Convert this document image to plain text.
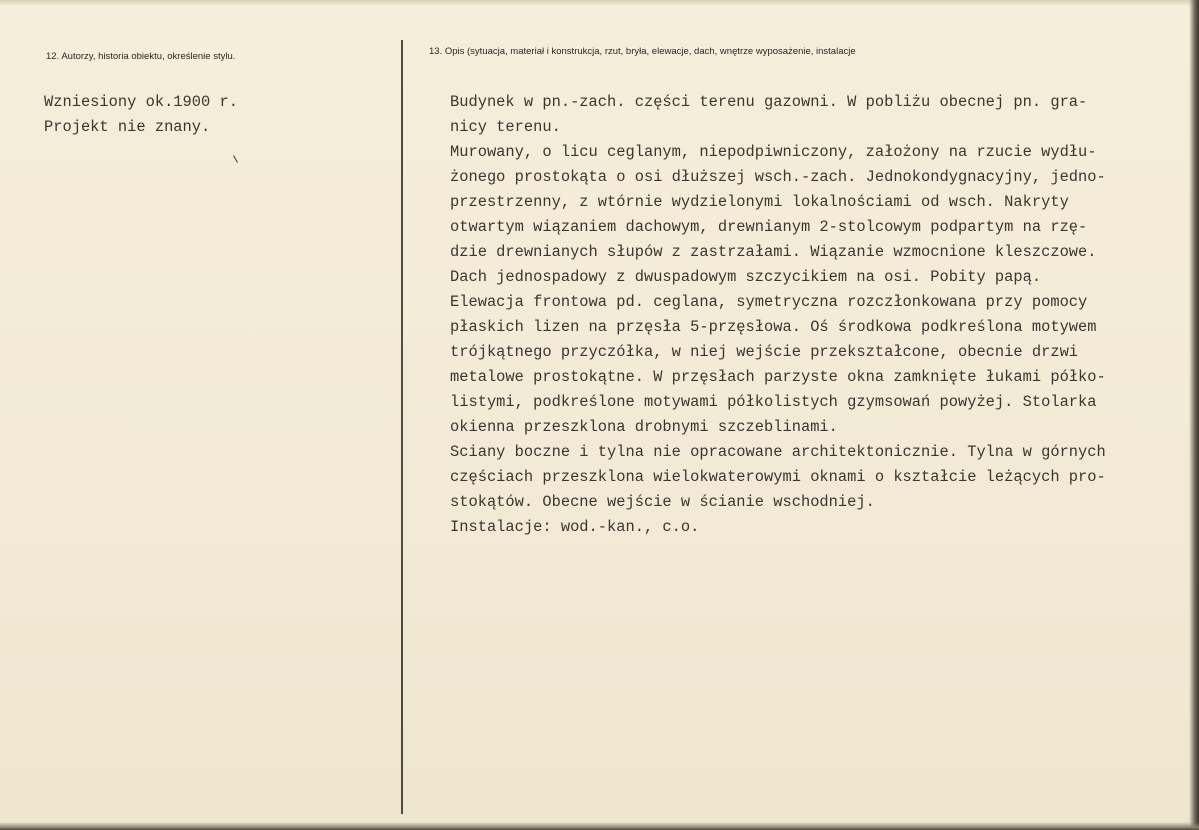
12. Autorzy, historia obiektu, określenie stylu.	13. Opis (sytuacja, materiał i konstrukcja, rzut, bryła, elewacje, dach, wnętrze wyposażenie, instalacje
Wzniesiony ok.1900 r.
Projekt nie znany.
Budynek w pn.-zach. części terenu gazowni. W pobliżu obecnej pn. gra-
nicy terenu.
Murowany, o licu ceglanym, niepodpiwniczony, założony na rzucie wydłu-
żonego prostokąta o osi dłuższej wsch.-zach. Jednokondygnacyjny, jedno-
przestrzenny, z wtórnie wydzielonymi lokalnościami od wsch. Nakryty
otwartym wiązaniem dachowym, drewnianym 2-stolcowym podpartym na rzę-
dzie drewnianych słupów z zastrzałami. Wiązanie wzmocnione kleszczowe.
Dach jednospadowy z dwuspadowym szczycikiem na osi. Pobity papą.
Elewacja frontowa pd. ceglana, symetryczna rozczłonkowana przy pomocy
płaskich lizen na przęsła 5-przęsłowa. Oś środkowa podkreślona motywem
trójkątnego przyczółka, w niej wejście przekształcone, obecnie drzwi
metalowe prostokątne. W przęsłach parzyste okna zamknięte łukami półko-
listymi, podkreślone motywami półkolistych gzymsowań powyżej. Stolarka
okienna przeszklona drobnymi szczeblinami.
Sciany boczne i tylna nie opracowane architektonicznie. Tylna w górnych
częściach przeszklona wielokwaterowymi oknami o kształcie leżących pro-
stokątów. Obecne wejście w ścianie wschodniej.
Instalacje: wod.-kan., c.o.
